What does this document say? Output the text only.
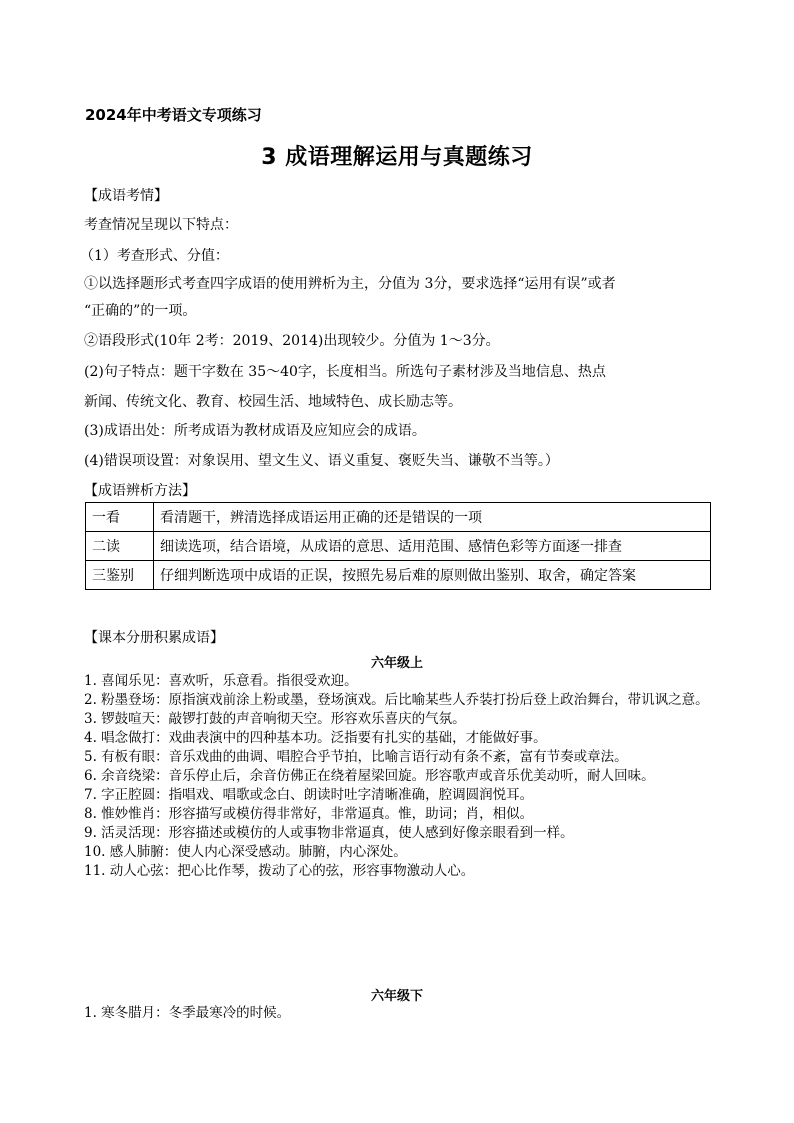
2024年中考语文专项练习
3 成语理解运用与真题练习
【成语考情】
考查情况呈现以下特点：
（1）考查形式、分值：
①以选择题形式考查四字成语的使用辨析为主，分值为 3分，要求选择“运用有误”或者
“正确的”的一项。
②语段形式(10年 2考：2019、2014)出现较少。分值为 1～3分。
(2)句子特点：题干字数在 35～40字，长度相当。所选句子素材涉及当地信息、热点
新闻、传统文化、教育、校园生活、地域特色、成长励志等。
(3)成语出处：所考成语为教材成语及应知应会的成语。
(4)错误项设置：对象误用、望文生义、语义重复、褒贬失当、谦敬不当等。）
【成语辨析方法】
一看	看清题干，辨清选择成语运用正确的还是错误的一项
二读	细读选项，结合语境，从成语的意思、适用范围、感情色彩等方面逐一排查
三鉴别	仔细判断选项中成语的正误，按照先易后难的原则做出鉴别、取舍，确定答案
【课本分册积累成语】
六年级上

1. 喜闻乐见：喜欢听，乐意看。指很受欢迎。

2. 粉墨登场：原指演戏前涂上粉或墨，登场演戏。后比喻某些人乔装打扮后登上政治舞台，带讥讽之意。

3. 锣鼓喧天：敲锣打鼓的声音响彻天空。形容欢乐喜庆的气氛。

4. 唱念做打：戏曲表演中的四种基本功。泛指要有扎实的基础，才能做好事。

5. 有板有眼：音乐戏曲的曲调、唱腔合乎节拍，比喻言语行动有条不紊，富有节奏或章法。

6. 余音绕梁：音乐停止后，余音仿佛正在绕着屋梁回旋。形容歌声或音乐优美动听，耐人回味。

7. 字正腔圆：指唱戏、唱歌或念白、朗读时吐字清晰准确，腔调圆润悦耳。

8. 惟妙惟肖：形容描写或模仿得非常好，非常逼真。惟，助词；肖，相似。

9. 活灵活现：形容描述或模仿的人或事物非常逼真，使人感到好像亲眼看到一样。

10. 感人肺腑：使人内心深受感动。肺腑，内心深处。

11. 动人心弦：把心比作琴，拨动了心的弦，形容事物激动人心。

六年级下

1. 寒冬腊月：冬季最寒冷的时候。
